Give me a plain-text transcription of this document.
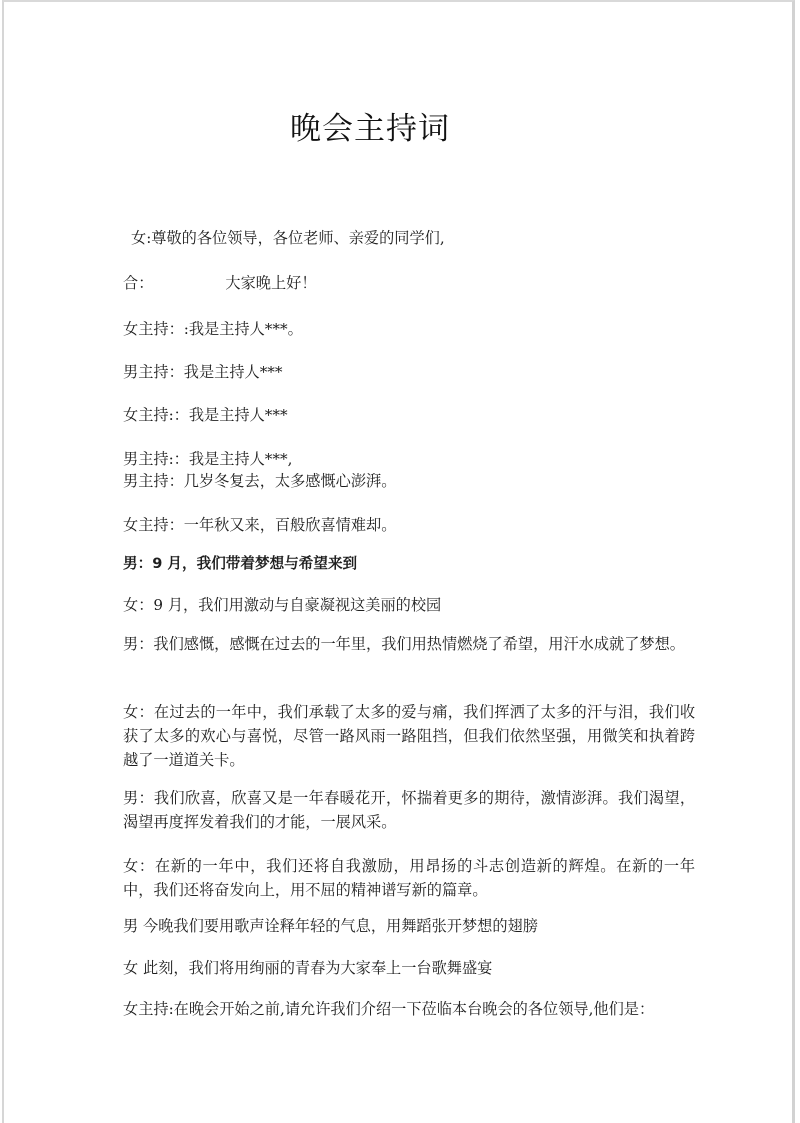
晚会主持词

女:尊敬的各位领导，各位老师、亲爱的同学们,

合：	大家晚上好！

女主持：:我是主持人***。

男主持：我是主持人***

女主持:：我是主持人***

男主持:：我是主持人***,

男主持：几岁冬复去，太多感慨心澎湃。

女主持：一年秋又来，百般欣喜情难却。

男：9 月，我们带着梦想与希望来到

女：9 月，我们用激动与自豪凝视这美丽的校园

男：我们感慨，感慨在过去的一年里，我们用热情燃烧了希望，用汗水成就了梦想。

女：在过去的一年中，我们承载了太多的爱与痛，我们挥洒了太多的汗与泪，我们收获了太多的欢心与喜悦，尽管一路风雨一路阻挡，但我们依然坚强，用微笑和执着跨越了一道道关卡。

男：我们欣喜，欣喜又是一年春暖花开，怀揣着更多的期待，激情澎湃。我们渴望，渴望再度挥发着我们的才能，一展风采。

女：在新的一年中，我们还将自我激励，用昂扬的斗志创造新的辉煌。在新的一年中，我们还将奋发向上，用不屈的精神谱写新的篇章。

男 今晚我们要用歌声诠释年轻的气息，用舞蹈张开梦想的翅膀

女 此刻，我们将用绚丽的青春为大家奉上一台歌舞盛宴

女主持:在晚会开始之前,请允许我们介绍一下莅临本台晚会的各位领导,他们是：
